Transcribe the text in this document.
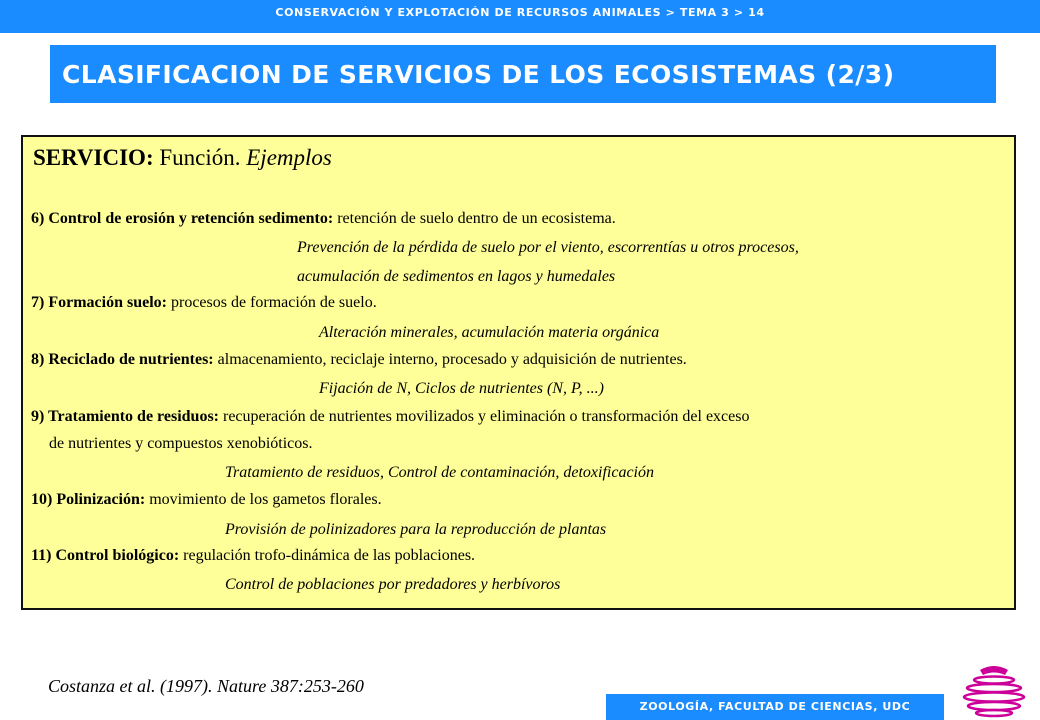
CONSERVACIÓN Y EXPLOTACIÓN DE RECURSOS ANIMALES > TEMA 3 > 14
CLASIFICACION DE SERVICIOS DE LOS ECOSISTEMAS (2/3)
SERVICIO: Función. Ejemplos
6) Control de erosión y retención sedimento: retención de suelo dentro de un ecosistema.
Prevención de la pérdida de suelo por el viento, escorrentías u otros procesos,
acumulación de sedimentos en lagos y humedales
7) Formación suelo: procesos de formación de suelo.
Alteración minerales, acumulación materia orgánica
8) Reciclado de nutrientes: almacenamiento, reciclaje interno, procesado y adquisición de nutrientes.
Fijación de N, Ciclos de nutrientes (N, P, ...)
9) Tratamiento de residuos: recuperación de nutrientes movilizados y eliminación o transformación del exceso
de nutrientes y compuestos xenobióticos.
Tratamiento de residuos, Control de contaminación, detoxificación
10) Polinización: movimiento de los gametos florales.
Provisión de polinizadores para la reproducción de plantas
11) Control biológico: regulación trofo-dinámica de las poblaciones.
Control de poblaciones por predadores y herbívoros
Costanza et al. (1997). Nature 387:253-260
ZOOLOGÍA, FACULTAD DE CIENCIAS, UDC
